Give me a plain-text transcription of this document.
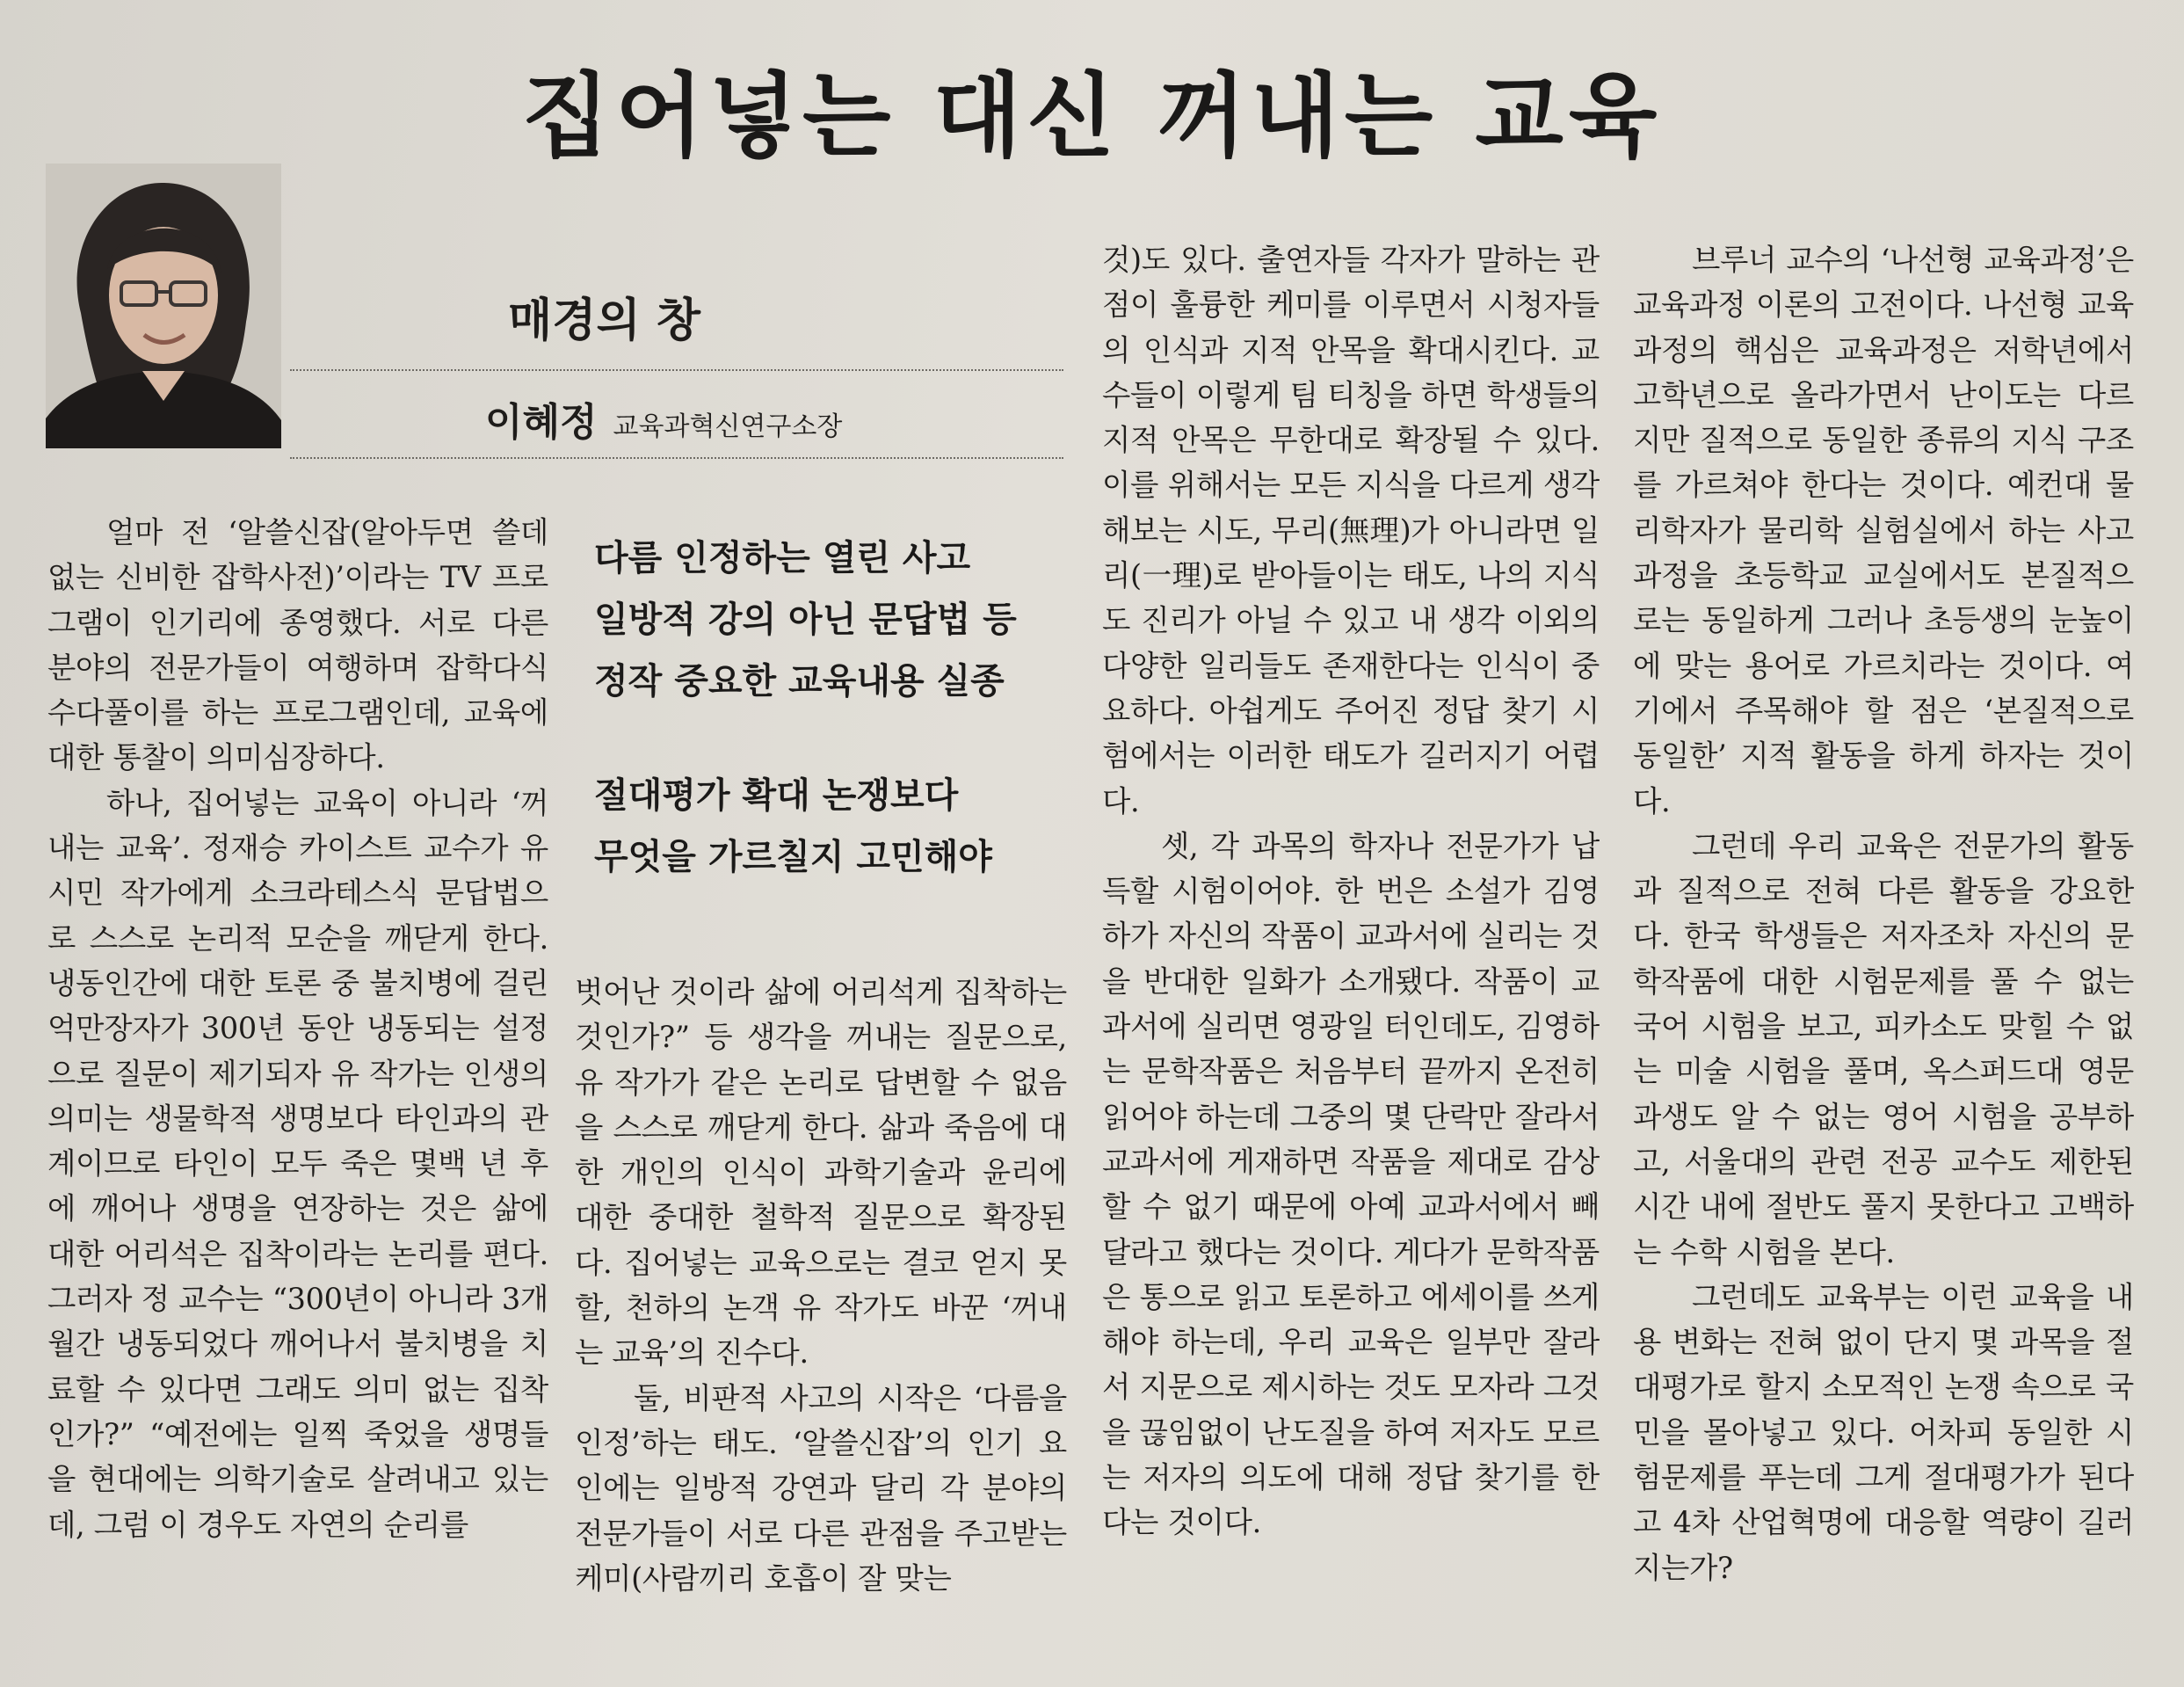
집어넣는 대신 꺼내는 교육
매경의 창
이혜정 교육과혁신연구소장
다름 인정하는 열린 사고
일방적 강의 아닌 문답법 등
정작 중요한 교육내용 실종
절대평가 확대 논쟁보다
무엇을 가르칠지 고민해야

얼마 전 ‘알쓸신잡(알아두면 쓸데없는 신비한 잡학사전)’이라는 TV 프로그램이 인기리에 종영했다. 서로 다른 분야의 전문가들이 여행하며 잡학다식 수다풀이를 하는 프로그램인데, 교육에 대한 통찰이 의미심장하다.

하나, 집어넣는 교육이 아니라 ‘꺼내는 교육’. 정재승 카이스트 교수가 유시민 작가에게 소크라테스식 문답법으로 스스로 논리적 모순을 깨닫게 한다. 냉동인간에 대한 토론 중 불치병에 걸린 억만장자가 300년 동안 냉동되는 설정으로 질문이 제기되자 유 작가는 인생의 의미는 생물학적 생명보다 타인과의 관계이므로 타인이 모두 죽은 몇백 년 후에 깨어나 생명을 연장하는 것은 삶에 대한 어리석은 집착이라는 논리를 편다. 그러자 정 교수는 “300년이 아니라 3개월간 냉동되었다 깨어나서 불치병을 치료할 수 있다면 그래도 의미 없는 집착인가?” “예전에는 일찍 죽었을 생명들을 현대에는 의학기술로 살려내고 있는데, 그럼 이 경우도 자연의 순리를

벗어난 것이라 삶에 어리석게 집착하는 것인가?” 등 생각을 꺼내는 질문으로, 유 작가가 같은 논리로 답변할 수 없음을 스스로 깨닫게 한다. 삶과 죽음에 대한 개인의 인식이 과학기술과 윤리에 대한 중대한 철학적 질문으로 확장된다. 집어넣는 교육으로는 결코 얻지 못할, 천하의 논객 유 작가도 바꾼 ‘꺼내는 교육’의 진수다.

둘, 비판적 사고의 시작은 ‘다름을 인정’하는 태도. ‘알쓸신잡’의 인기 요인에는 일방적 강연과 달리 각 분야의 전문가들이 서로 다른 관점을 주고받는 케미(사람끼리 호흡이 잘 맞는

것)도 있다. 출연자들 각자가 말하는 관점이 훌륭한 케미를 이루면서 시청자들의 인식과 지적 안목을 확대시킨다. 교수들이 이렇게 팀 티칭을 하면 학생들의 지적 안목은 무한대로 확장될 수 있다. 이를 위해서는 모든 지식을 다르게 생각해보는 시도, 무리(無理)가 아니라면 일리(一理)로 받아들이는 태도, 나의 지식도 진리가 아닐 수 있고 내 생각 이외의 다양한 일리들도 존재한다는 인식이 중요하다. 아쉽게도 주어진 정답 찾기 시험에서는 이러한 태도가 길러지기 어렵다.

셋, 각 과목의 학자나 전문가가 납득할 시험이어야. 한 번은 소설가 김영하가 자신의 작품이 교과서에 실리는 것을 반대한 일화가 소개됐다. 작품이 교과서에 실리면 영광일 터인데도, 김영하는 문학작품은 처음부터 끝까지 온전히 읽어야 하는데 그중의 몇 단락만 잘라서 교과서에 게재하면 작품을 제대로 감상할 수 없기 때문에 아예 교과서에서 빼달라고 했다는 것이다. 게다가 문학작품은 통으로 읽고 토론하고 에세이를 쓰게 해야 하는데, 우리 교육은 일부만 잘라서 지문으로 제시하는 것도 모자라 그것을 끊임없이 난도질을 하여 저자도 모르는 저자의 의도에 대해 정답 찾기를 한다는 것이다.

브루너 교수의 ‘나선형 교육과정’은 교육과정 이론의 고전이다. 나선형 교육과정의 핵심은 교육과정은 저학년에서 고학년으로 올라가면서 난이도는 다르지만 질적으로 동일한 종류의 지식 구조를 가르쳐야 한다는 것이다. 예컨대 물리학자가 물리학 실험실에서 하는 사고 과정을 초등학교 교실에서도 본질적으로는 동일하게 그러나 초등생의 눈높이에 맞는 용어로 가르치라는 것이다. 여기에서 주목해야 할 점은 ‘본질적으로 동일한’ 지적 활동을 하게 하자는 것이다.

그런데 우리 교육은 전문가의 활동과 질적으로 전혀 다른 활동을 강요한다. 한국 학생들은 저자조차 자신의 문학작품에 대한 시험문제를 풀 수 없는 국어 시험을 보고, 피카소도 맞힐 수 없는 미술 시험을 풀며, 옥스퍼드대 영문과생도 알 수 없는 영어 시험을 공부하고, 서울대의 관련 전공 교수도 제한된 시간 내에 절반도 풀지 못한다고 고백하는 수학 시험을 본다.

그런데도 교육부는 이런 교육을 내용 변화는 전혀 없이 단지 몇 과목을 절대평가로 할지 소모적인 논쟁 속으로 국민을 몰아넣고 있다. 어차피 동일한 시험문제를 푸는데 그게 절대평가가 된다고 4차 산업혁명에 대응할 역량이 길러지는가?
